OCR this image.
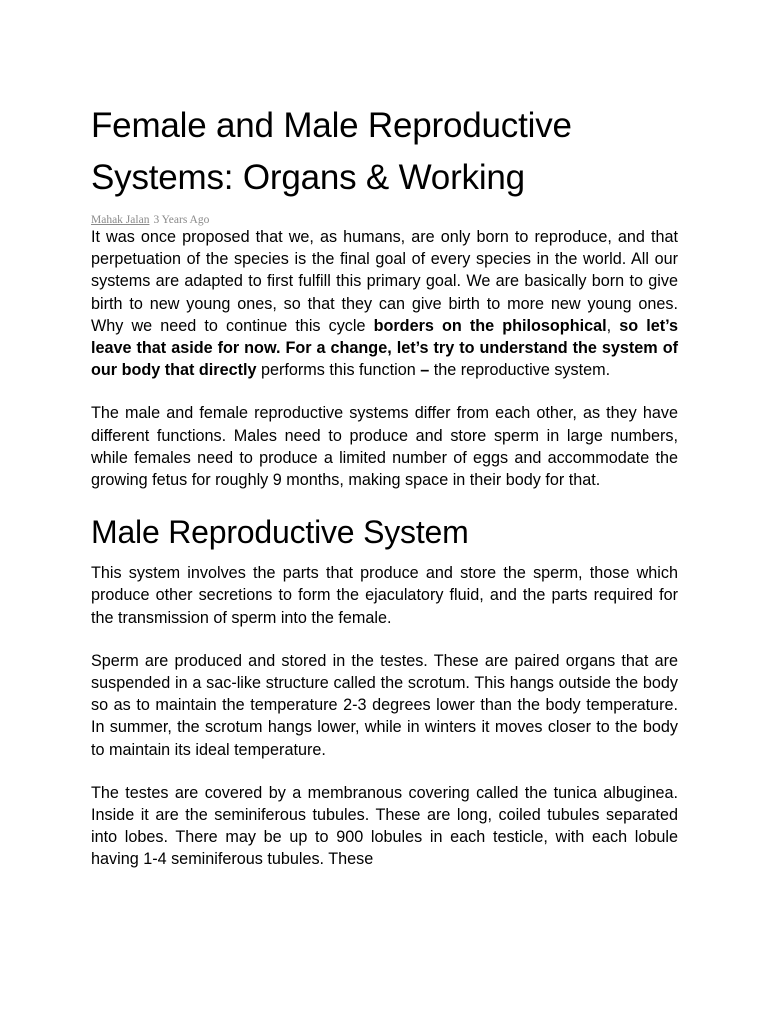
Female and Male Reproductive Systems: Organs & Working
Mahak Jalan 3 Years Ago

It was once proposed that we, as humans, are only born to reproduce, and that perpetuation of the species is the final goal of every species in the world. All our systems are adapted to first fulfill this primary goal. We are basically born to give birth to new young ones, so that they can give birth to more new young ones. Why we need to continue this cycle borders on the philosophical, so let’s leave that aside for now. For a change, let’s try to understand the system of our body that directly performs this function – the reproductive system.

The male and female reproductive systems differ from each other, as they have different functions. Males need to produce and store sperm in large numbers, while females need to produce a limited number of eggs and accommodate the growing fetus for roughly 9 months, making space in their body for that.

Male Reproductive System

This system involves the parts that produce and store the sperm, those which produce other secretions to form the ejaculatory fluid, and the parts required for the transmission of sperm into the female.

Sperm are produced and stored in the testes. These are paired organs that are suspended in a sac-like structure called the scrotum. This hangs outside the body so as to maintain the temperature 2-3 degrees lower than the body temperature. In summer, the scrotum hangs lower, while in winters it moves closer to the body to maintain its ideal temperature.

The testes are covered by a membranous covering called the tunica albuginea. Inside it are the seminiferous tubules. These are long, coiled tubules separated into lobes. There may be up to 900 lobules in each testicle, with each lobule having 1-4 seminiferous tubules. These
